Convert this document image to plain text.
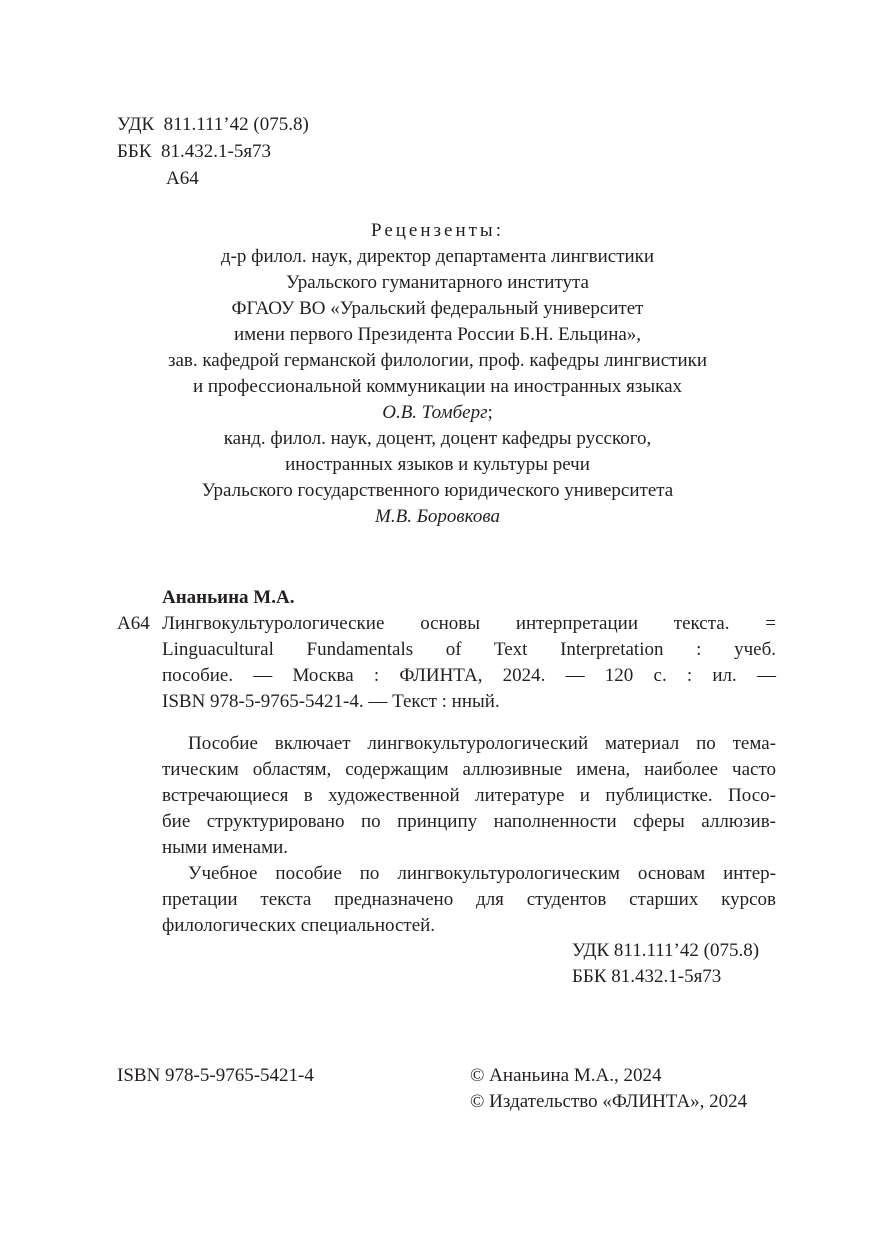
УДК  811.111’42 (075.8)
ББК  81.432.1-5я73
А64
Рецензенты:
д-р филол. наук, директор департамента лингвистики
Уральского гуманитарного института
ФГАОУ ВО «Уральский федеральный университет
имени первого Президента России Б.Н. Ельцина»,
зав. кафедрой германской филологии, проф. кафедры лингвистики
и профессиональной коммуникации на иностранных языках
О.В. Томберг;
канд. филол. наук, доцент, доцент кафедры русского,
иностранных языков и культуры речи
Уральского государственного юридического университета
М.В. Боровкова
Ананьина М.А.
А64 Лингвокультурологические основы интерпретации текста. =
Linguacultural Fundamentals of Text Interpretation : учеб.
пособие. — Москва : ФЛИНТА, 2024. — 120 с. : ил. —
ISBN 978-5-9765-5421-4. — Текст : нный.
Пособие включает лингвокультурологический материал по тема-
тическим областям, содержащим аллюзивные имена, наиболее часто
встречающиеся в художественной литературе и публицистке. Посо-
бие структурировано по принципу наполненности сферы аллюзив-
ными именами.
Учебное пособие по лингвокультурологическим основам интер-
претации текста предназначено для студентов старших курсов
филологических специальностей.
УДК 811.111’42 (075.8)
ББК 81.432.1-5я73
ISBN 978-5-9765-5421-4	© Ананьина М.А., 2024
© Издательство «ФЛИНТА», 2024
